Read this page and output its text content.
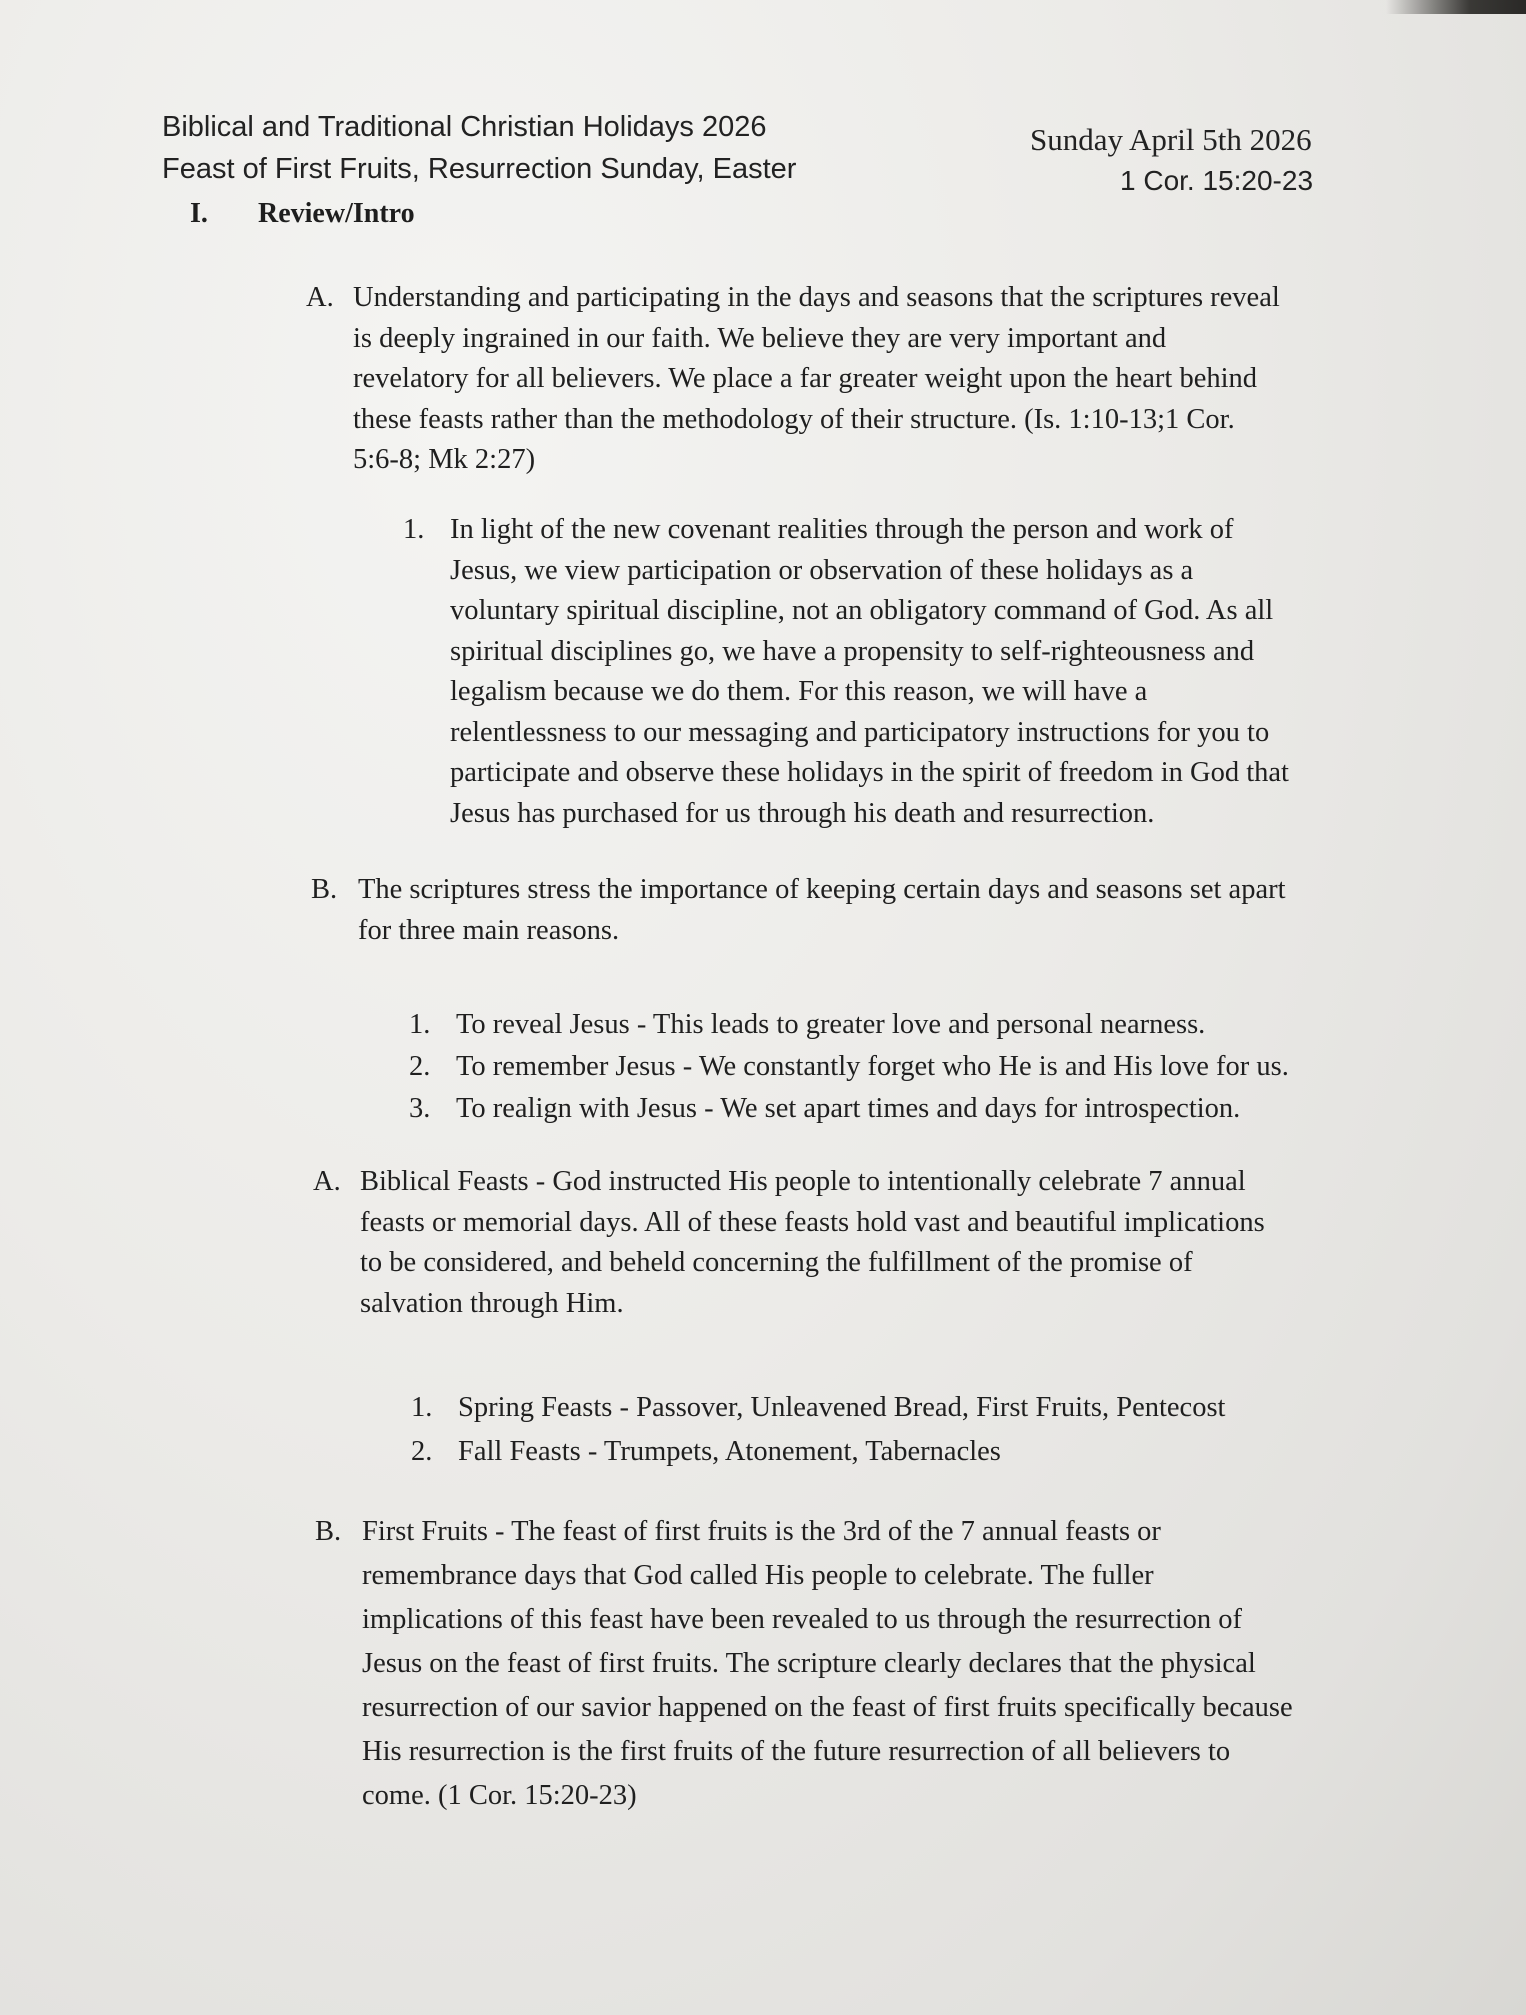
Biblical and Traditional Christian Holidays 2026
Feast of First Fruits, Resurrection Sunday, Easter
Sunday April 5th 2026
1 Cor. 15:20-23
I. Review/Intro
A. Understanding and participating in the days and seasons that the scriptures reveal
is deeply ingrained in our faith. We believe they are very important and
revelatory for all believers. We place a far greater weight upon the heart behind
these feasts rather than the methodology of their structure. (Is. 1:10-13;1 Cor.
5:6-8; Mk 2:27)
1. In light of the new covenant realities through the person and work of
Jesus, we view participation or observation of these holidays as a
voluntary spiritual discipline, not an obligatory command of God. As all
spiritual disciplines go, we have a propensity to self-righteousness and
legalism because we do them. For this reason, we will have a
relentlessness to our messaging and participatory instructions for you to
participate and observe these holidays in the spirit of freedom in God that
Jesus has purchased for us through his death and resurrection.
B. The scriptures stress the importance of keeping certain days and seasons set apart
for three main reasons.
1. To reveal Jesus - This leads to greater love and personal nearness.
2. To remember Jesus - We constantly forget who He is and His love for us.
3. To realign with Jesus - We set apart times and days for introspection.
A. Biblical Feasts - God instructed His people to intentionally celebrate 7 annual
feasts or memorial days. All of these feasts hold vast and beautiful implications
to be considered, and beheld concerning the fulfillment of the promise of
salvation through Him.
1. Spring Feasts - Passover, Unleavened Bread, First Fruits, Pentecost
2. Fall Feasts - Trumpets, Atonement, Tabernacles
B. First Fruits - The feast of first fruits is the 3rd of the 7 annual feasts or
remembrance days that God called His people to celebrate. The fuller
implications of this feast have been revealed to us through the resurrection of
Jesus on the feast of first fruits. The scripture clearly declares that the physical
resurrection of our savior happened on the feast of first fruits specifically because
His resurrection is the first fruits of the future resurrection of all believers to
come. (1 Cor. 15:20-23)
